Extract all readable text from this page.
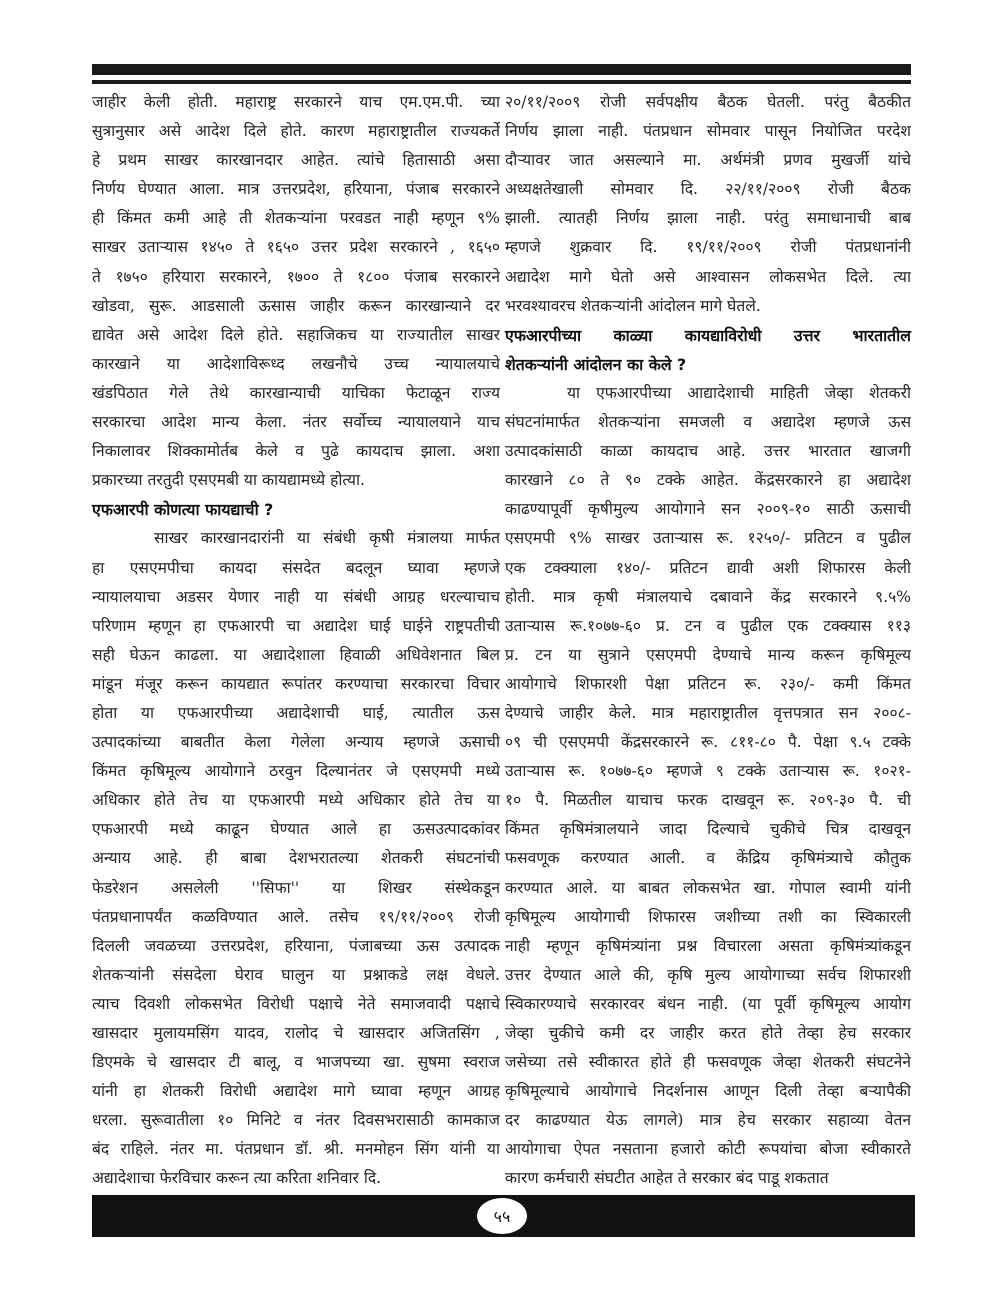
जाहीर केली होती. महाराष्ट्र सरकारने याच एम.एम.पी. च्या
सुत्रानुसार असे आदेश दिले होते. कारण महाराष्ट्रातील राज्यकर्ते
हे प्रथम साखर कारखानदार आहेत. त्यांचे हितासाठी असा
निर्णय घेण्यात आला. मात्र उत्तरप्रदेश, हरियाना, पंजाब सरकारने
ही किंमत कमी आहे ती शेतकऱ्यांना परवडत नाही म्हणून ९%
साखर उताऱ्यास १४५० ते १६५० उत्तर प्रदेश सरकारने , १६५०
ते १७५० हरियारा सरकारने, १७०० ते १८०० पंजाब सरकारने
खोडवा, सुरू. आडसाली ऊसास जाहीर करून कारखान्याने दर
द्यावेत असे आदेश दिले होते. सहाजिकच या राज्यातील साखर
कारखाने या आदेशाविरूध्द लखनौचे उच्च न्यायालयाचे
खंडपिठात गेले तेथे कारखान्याची याचिका फेटाळून राज्य
सरकारचा आदेश मान्य केला. नंतर सर्वोच्च न्यायालयाने याच
निकालावर शिक्कामोर्तब केले व पुढे कायदाच झाला. अशा
प्रकारच्या तरतुदी एसएमबी या कायद्यामध्ये होत्या.
एफआरपी कोणत्या फायद्याची ?
साखर कारखानदारांनी या संबंधी कृषी मंत्रालया मार्फत
हा एसएमपीचा कायदा संसदेत बदलून घ्यावा म्हणजे
न्यायालयाचा अडसर येणार नाही या संबंधी आग्रह धरल्याचाच
परिणाम म्हणून हा एफआरपी चा अद्यादेश घाई घाईने राष्ट्रपतीची
सही घेऊन काढला. या अद्यादेशाला हिवाळी अधिवेशनात बिल
मांडून मंजूर करून कायद्यात रूपांतर करण्याचा सरकारचा विचार
होता या एफआरपीच्या अद्यादेशाची घाई, त्यातील ऊस
उत्पादकांच्या बाबतीत केला गेलेला अन्याय म्हणजे ऊसाची
किंमत कृषिमूल्य आयोगाने ठरवुन दिल्यानंतर जे एसएमपी मध्ये
अधिकार होते तेच या एफआरपी मध्ये अधिकार होते तेच या
एफआरपी मध्ये काढून घेण्यात आले हा ऊसउत्पादकांवर
अन्याय आहे. ही बाबा देशभरातल्या शेतकरी संघटनांची
फेडरेशन असलेली ''सिफा'' या शिखर संस्थेकडून
पंतप्रधानापर्यंत कळविण्यात आले. तसेच १९/११/२००९ रोजी
दिलली जवळच्या उत्तरप्रदेश, हरियाना, पंजाबच्या ऊस उत्पादक
शेतकऱ्यांनी संसदेला घेराव घालुन या प्रश्नाकडे लक्ष वेधले.
त्याच दिवशी लोकसभेत विरोधी पक्षाचे नेते समाजवादी पक्षाचे
खासदार मुलायमसिंग यादव, रालोद चे खासदार अजितसिंग ,
डिएमके चे खासदार टी बालू, व भाजपच्या खा. सुषमा स्वराज
यांनी हा शेतकरी विरोधी अद्यादेश मागे घ्यावा म्हणून आग्रह
धरला. सुरूवातीला १० मिनिटे व नंतर दिवसभरासाठी कामकाज
बंद राहिले. नंतर मा. पंतप्रधान डॉ. श्री. मनमोहन सिंग यांनी या
अद्यादेशाचा फेरविचार करून त्या करिता शनिवार दि.
२०/११/२००९ रोजी सर्वपक्षीय बैठक घेतली. परंतु बैठकीत
निर्णय झाला नाही. पंतप्रधान सोमवार पासून नियोजित परदेश
दौऱ्यावर जात असल्याने मा. अर्थमंत्री प्रणव मुखर्जी यांचे
अध्यक्षतेखाली सोमवार दि. २२/११/२००९ रोजी बैठक
झाली. त्यातही निर्णय झाला नाही. परंतु समाधानाची बाब
म्हणजे शुक्रवार दि. १९/११/२००९ रोजी पंतप्रधानांनी
अद्यादेश मागे घेतो असे आश्वासन लोकसभेत दिले. त्या
भरवश्यावरच शेतकऱ्यांनी आंदोलन मागे घेतले.
एफआरपीच्या काळ्या कायद्याविरोधी उत्तर भारतातील
शेतकऱ्यांनी आंदोलन का केले ?
या एफआरपीच्या आद्यादेशाची माहिती जेव्हा शेतकरी
संघटनांमार्फत शेतकऱ्यांना समजली व अद्यादेश म्हणजे ऊस
उत्पादकांसाठी काळा कायदाच आहे. उत्तर भारतात खाजगी
कारखाने ८० ते ९० टक्के आहेत. केंद्रसरकारने हा अद्यादेश
काढण्यापूर्वी कृषीमुल्य आयोगाने सन २००९-१० साठी ऊसाची
एसएमपी ९% साखर उताऱ्यास रू. १२५०/- प्रतिटन व पुढील
एक टक्क्याला १४०/- प्रतिटन द्यावी अशी शिफारस केली
होती. मात्र कृषी मंत्रालयाचे दबावाने केंद्र सरकारने ९.५%
उताऱ्यास रू.१०७७-६० प्र. टन व पुढील एक टक्क्यास ११३
प्र. टन या सुत्राने एसएमपी देण्याचे मान्य करून कृषिमूल्य
आयोगाचे शिफारशी पेक्षा प्रतिटन रू. २३०/- कमी किंमत
देण्याचे जाहीर केले. मात्र महाराष्ट्रातील वृत्तपत्रात सन २००८-
०९ ची एसएमपी केंद्रसरकारने रू. ८११-८० पै. पेक्षा ९.५ टक्के
उताऱ्यास रू. १०७७-६० म्हणजे ९ टक्के उताऱ्यास रू. १०२१-
१० पै. मिळतील याचाच फरक दाखवून रू. २०९-३० पै. ची
किंमत कृषिमंत्रालयाने जादा दिल्याचे चुकीचे चित्र दाखवून
फसवणूक करण्यात आली. व केंद्रिय कृषिमंत्र्याचे कौतुक
करण्यात आले. या बाबत लोकसभेत खा. गोपाल स्वामी यांनी
कृषिमूल्य आयोगाची शिफारस जशीच्या तशी का स्विकारली
नाही म्हणून कृषिमंत्र्यांना प्रश्न विचारला असता कृषिमंत्र्यांकडून
उत्तर देण्यात आले की, कृषि मुल्य आयोगाच्या सर्वच शिफारशी
स्विकारण्याचे सरकारवर बंधन नाही. (या पूर्वी कृषिमूल्य आयोग
जेव्हा चुकीचे कमी दर जाहीर करत होते तेव्हा हेच सरकार
जसेच्या तसे स्वीकारत होते ही फसवणूक जेव्हा शेतकरी संघटनेने
कृषिमूल्याचे आयोगाचे निदर्शनास आणून दिली तेव्हा बऱ्यापैकी
दर काढण्यात येऊ लागले) मात्र हेच सरकार सहाव्या वेतन
आयोगाचा ऐपत नसताना हजारो कोटी रूपयांचा बोजा स्वीकारते
कारण कर्मचारी संघटीत आहेत ते सरकार बंद पाडू शकतात
५५
